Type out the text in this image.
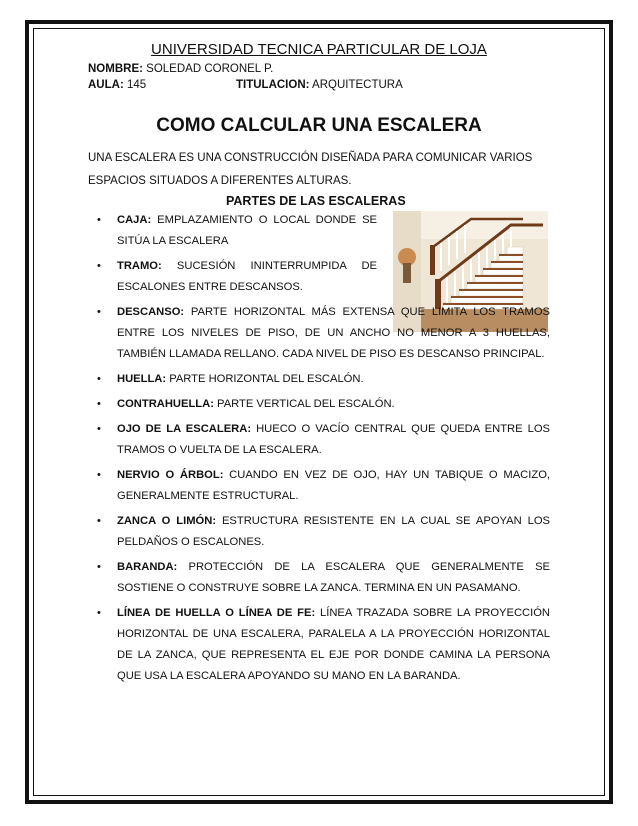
UNIVERSIDAD TECNICA PARTICULAR DE LOJA
NOMBRE: SOLEDAD CORONEL P.
AULA: 145	TITULACION: ARQUITECTURA
COMO CALCULAR UNA ESCALERA
UNA ESCALERA ES UNA CONSTRUCCIÓN DISEÑADA PARA COMUNICAR VARIOS ESPACIOS SITUADOS A DIFERENTES ALTURAS.
PARTES DE LAS ESCALERAS
• CAJA: EMPLAZAMIENTO O LOCAL DONDE SE SITÚA LA ESCALERA
• TRAMO: SUCESIÓN ININTERRUMPIDA DE ESCALONES ENTRE DESCANSOS.
• DESCANSO: PARTE HORIZONTAL MÁS EXTENSA QUE LIMITA LOS TRAMOS ENTRE LOS NIVELES DE PISO, DE UN ANCHO NO MENOR A 3 HUELLAS, TAMBIÉN LLAMADA RELLANO. CADA NIVEL DE PISO ES DESCANSO PRINCIPAL.
• HUELLA: PARTE HORIZONTAL DEL ESCALÓN.
• CONTRAHUELLA: PARTE VERTICAL DEL ESCALÓN.
• OJO DE LA ESCALERA: HUECO O VACÍO CENTRAL QUE QUEDA ENTRE LOS TRAMOS O VUELTA DE LA ESCALERA.
• NERVIO O ÁRBOL: CUANDO EN VEZ DE OJO, HAY UN TABIQUE O MACIZO, GENERALMENTE ESTRUCTURAL.
• ZANCA O LIMÓN: ESTRUCTURA RESISTENTE EN LA CUAL SE APOYAN LOS PELDAÑOS O ESCALONES.
• BARANDA: PROTECCIÓN DE LA ESCALERA QUE GENERALMENTE SE SOSTIENE O CONSTRUYE SOBRE LA ZANCA. TERMINA EN UN PASAMANO.
• LÍNEA DE HUELLA O LÍNEA DE FE: LÍNEA TRAZADA SOBRE LA PROYECCIÓN HORIZONTAL DE UNA ESCALERA, PARALELA A LA PROYECCIÓN HORIZONTAL DE LA ZANCA, QUE REPRESENTA EL EJE POR DONDE CAMINA LA PERSONA QUE USA LA ESCALERA APOYANDO SU MANO EN LA BARANDA.
